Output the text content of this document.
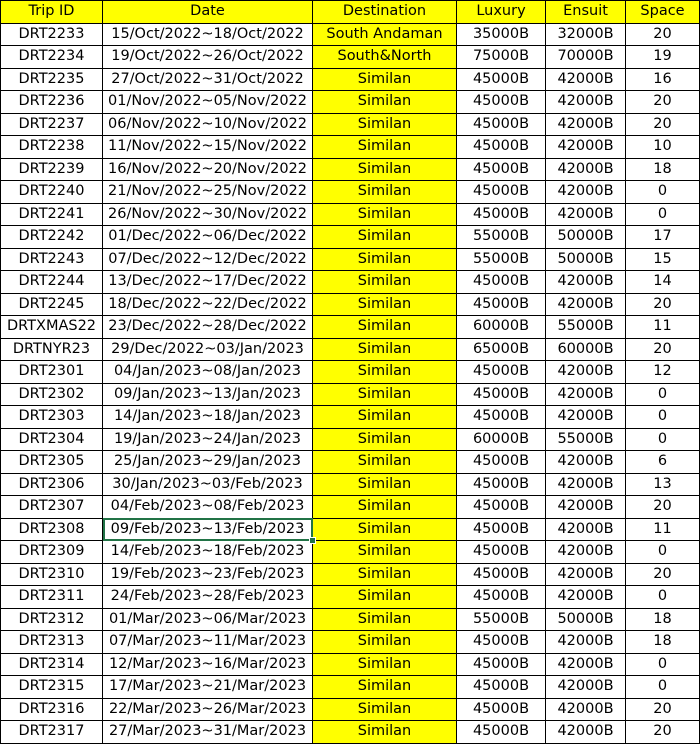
Trip ID	Date	Destination	Luxury	Ensuit	Space
DRT2233	15/Oct/2022~18/Oct/2022	South Andaman	35000B	32000B	20
DRT2234	19/Oct/2022~26/Oct/2022	South&North	75000B	70000B	19
DRT2235	27/Oct/2022~31/Oct/2022	Similan	45000B	42000B	16
DRT2236	01/Nov/2022~05/Nov/2022	Similan	45000B	42000B	20
DRT2237	06/Nov/2022~10/Nov/2022	Similan	45000B	42000B	20
DRT2238	11/Nov/2022~15/Nov/2022	Similan	45000B	42000B	10
DRT2239	16/Nov/2022~20/Nov/2022	Similan	45000B	42000B	18
DRT2240	21/Nov/2022~25/Nov/2022	Similan	45000B	42000B	0
DRT2241	26/Nov/2022~30/Nov/2022	Similan	45000B	42000B	0
DRT2242	01/Dec/2022~06/Dec/2022	Similan	55000B	50000B	17
DRT2243	07/Dec/2022~12/Dec/2022	Similan	55000B	50000B	15
DRT2244	13/Dec/2022~17/Dec/2022	Similan	45000B	42000B	14
DRT2245	18/Dec/2022~22/Dec/2022	Similan	45000B	42000B	20
DRTXMAS22	23/Dec/2022~28/Dec/2022	Similan	60000B	55000B	11
DRTNYR23	29/Dec/2022~03/Jan/2023	Similan	65000B	60000B	20
DRT2301	04/Jan/2023~08/Jan/2023	Similan	45000B	42000B	12
DRT2302	09/Jan/2023~13/Jan/2023	Similan	45000B	42000B	0
DRT2303	14/Jan/2023~18/Jan/2023	Similan	45000B	42000B	0
DRT2304	19/Jan/2023~24/Jan/2023	Similan	60000B	55000B	0
DRT2305	25/Jan/2023~29/Jan/2023	Similan	45000B	42000B	6
DRT2306	30/Jan/2023~03/Feb/2023	Similan	45000B	42000B	13
DRT2307	04/Feb/2023~08/Feb/2023	Similan	45000B	42000B	20
DRT2308	09/Feb/2023~13/Feb/2023	Similan	45000B	42000B	11
DRT2309	14/Feb/2023~18/Feb/2023	Similan	45000B	42000B	0
DRT2310	19/Feb/2023~23/Feb/2023	Similan	45000B	42000B	20
DRT2311	24/Feb/2023~28/Feb/2023	Similan	45000B	42000B	0
DRT2312	01/Mar/2023~06/Mar/2023	Similan	55000B	50000B	18
DRT2313	07/Mar/2023~11/Mar/2023	Similan	45000B	42000B	18
DRT2314	12/Mar/2023~16/Mar/2023	Similan	45000B	42000B	0
DRT2315	17/Mar/2023~21/Mar/2023	Similan	45000B	42000B	0
DRT2316	22/Mar/2023~26/Mar/2023	Similan	45000B	42000B	20
DRT2317	27/Mar/2023~31/Mar/2023	Similan	45000B	42000B	20
